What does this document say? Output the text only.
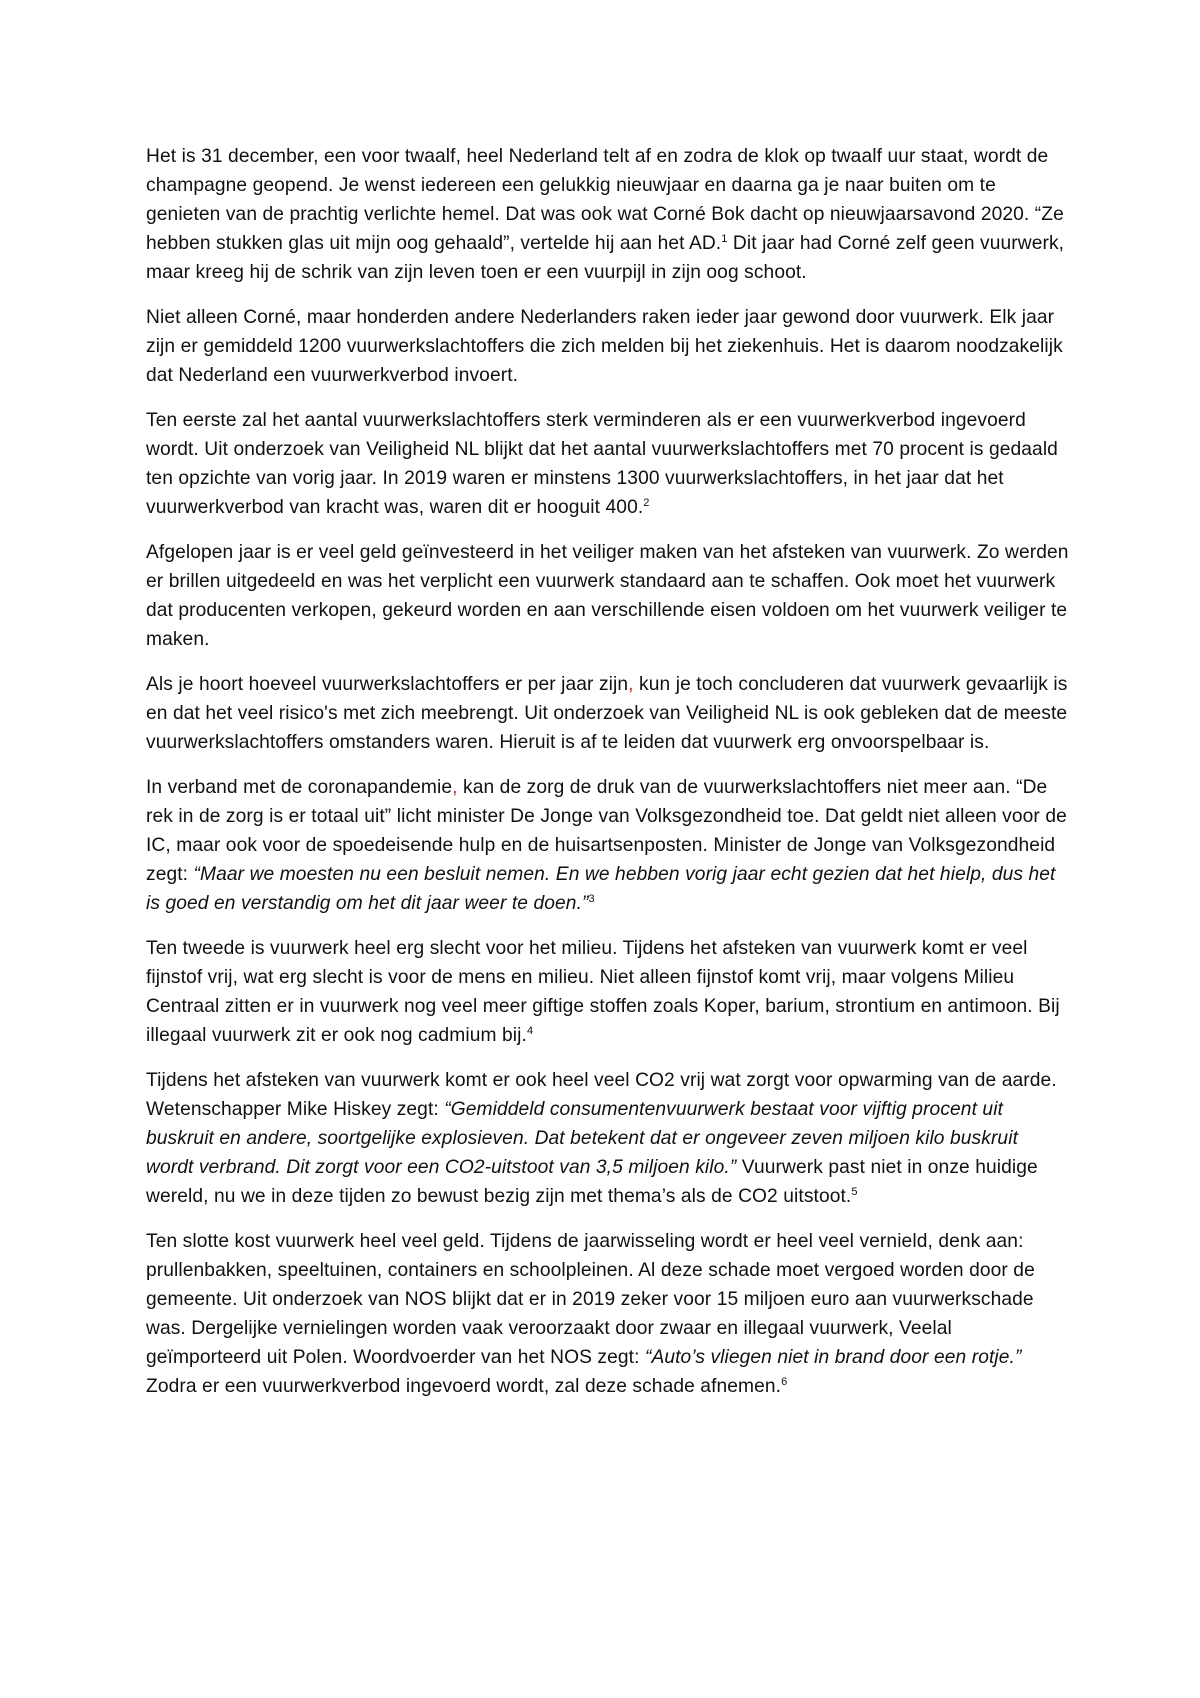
Het is 31 december, een voor twaalf, heel Nederland telt af en zodra de klok op twaalf uur staat, wordt de champagne geopend. Je wenst iedereen een gelukkig nieuwjaar en daarna ga je naar buiten om te genieten van de prachtig verlichte hemel. Dat was ook wat Corné Bok dacht op nieuwjaarsavond 2020. “Ze hebben stukken glas uit mijn oog gehaald”, vertelde hij aan het AD.$^1$ Dit jaar had Corné zelf geen vuurwerk, maar kreeg hij de schrik van zijn leven toen er een vuurpijl in zijn oog schoot.

Niet alleen Corné, maar honderden andere Nederlanders raken ieder jaar gewond door vuurwerk. Elk jaar zijn er gemiddeld 1200 vuurwerkslachtoffers die zich melden bij het ziekenhuis. Het is daarom noodzakelijk dat Nederland een vuurwerkverbod invoert.

Ten eerste zal het aantal vuurwerkslachtoffers sterk verminderen als er een vuurwerkverbod ingevoerd wordt. Uit onderzoek van Veiligheid NL blijkt dat het aantal vuurwerkslachtoffers met 70 procent is gedaald ten opzichte van vorig jaar. In 2019 waren er minstens 1300 vuurwerkslachtoffers, in het jaar dat het vuurwerkverbod van kracht was, waren dit er hooguit 400.$^2$

Afgelopen jaar is er veel geld geïnvesteerd in het veiliger maken van het afsteken van vuurwerk. Zo werden er brillen uitgedeeld en was het verplicht een vuurwerk standaard aan te schaffen. Ook moet het vuurwerk dat producenten verkopen, gekeurd worden en aan verschillende eisen voldoen om het vuurwerk veiliger te maken.

Als je hoort hoeveel vuurwerkslachtoffers er per jaar zijn, kun je toch concluderen dat vuurwerk gevaarlijk is en dat het veel risico's met zich meebrengt. Uit onderzoek van Veiligheid NL is ook gebleken dat de meeste vuurwerkslachtoffers omstanders waren. Hieruit is af te leiden dat vuurwerk erg onvoorspelbaar is.

In verband met de coronapandemie, kan de zorg de druk van de vuurwerkslachtoffers niet meer aan. “De rek in de zorg is er totaal uit” licht minister De Jonge van Volksgezondheid toe. Dat geldt niet alleen voor de IC, maar ook voor de spoedeisende hulp en de huisartsenposten. Minister de Jonge van Volksgezondheid zegt: “Maar we moesten nu een besluit nemen. En we hebben vorig jaar echt gezien dat het hielp, dus het is goed en verstandig om het dit jaar weer te doen.”$^3$

Ten tweede is vuurwerk heel erg slecht voor het milieu. Tijdens het afsteken van vuurwerk komt er veel fijnstof vrij, wat erg slecht is voor de mens en milieu. Niet alleen fijnstof komt vrij, maar volgens Milieu Centraal zitten er in vuurwerk nog veel meer giftige stoffen zoals Koper, barium, strontium en antimoon. Bij illegaal vuurwerk zit er ook nog cadmium bij.$^4$

Tijdens het afsteken van vuurwerk komt er ook heel veel CO2 vrij wat zorgt voor opwarming van de aarde. Wetenschapper Mike Hiskey zegt: “Gemiddeld consumentenvuurwerk bestaat voor vijftig procent uit buskruit en andere, soortgelijke explosieven. Dat betekent dat er ongeveer zeven miljoen kilo buskruit wordt verbrand. Dit zorgt voor een CO2-uitstoot van 3,5 miljoen kilo.” Vuurwerk past niet in onze huidige wereld, nu we in deze tijden zo bewust bezig zijn met thema’s als de CO2 uitstoot.$^5$

Ten slotte kost vuurwerk heel veel geld. Tijdens de jaarwisseling wordt er heel veel vernield, denk aan: prullenbakken, speeltuinen, containers en schoolpleinen. Al deze schade moet vergoed worden door de gemeente. Uit onderzoek van NOS blijkt dat er in 2019 zeker voor 15 miljoen euro aan vuurwerkschade was. Dergelijke vernielingen worden vaak veroorzaakt door zwaar en illegaal vuurwerk, Veelal geïmporteerd uit Polen. Woordvoerder van het NOS zegt: “Auto’s vliegen niet in brand door een rotje.” Zodra er een vuurwerkverbod ingevoerd wordt, zal deze schade afnemen.$^6$
